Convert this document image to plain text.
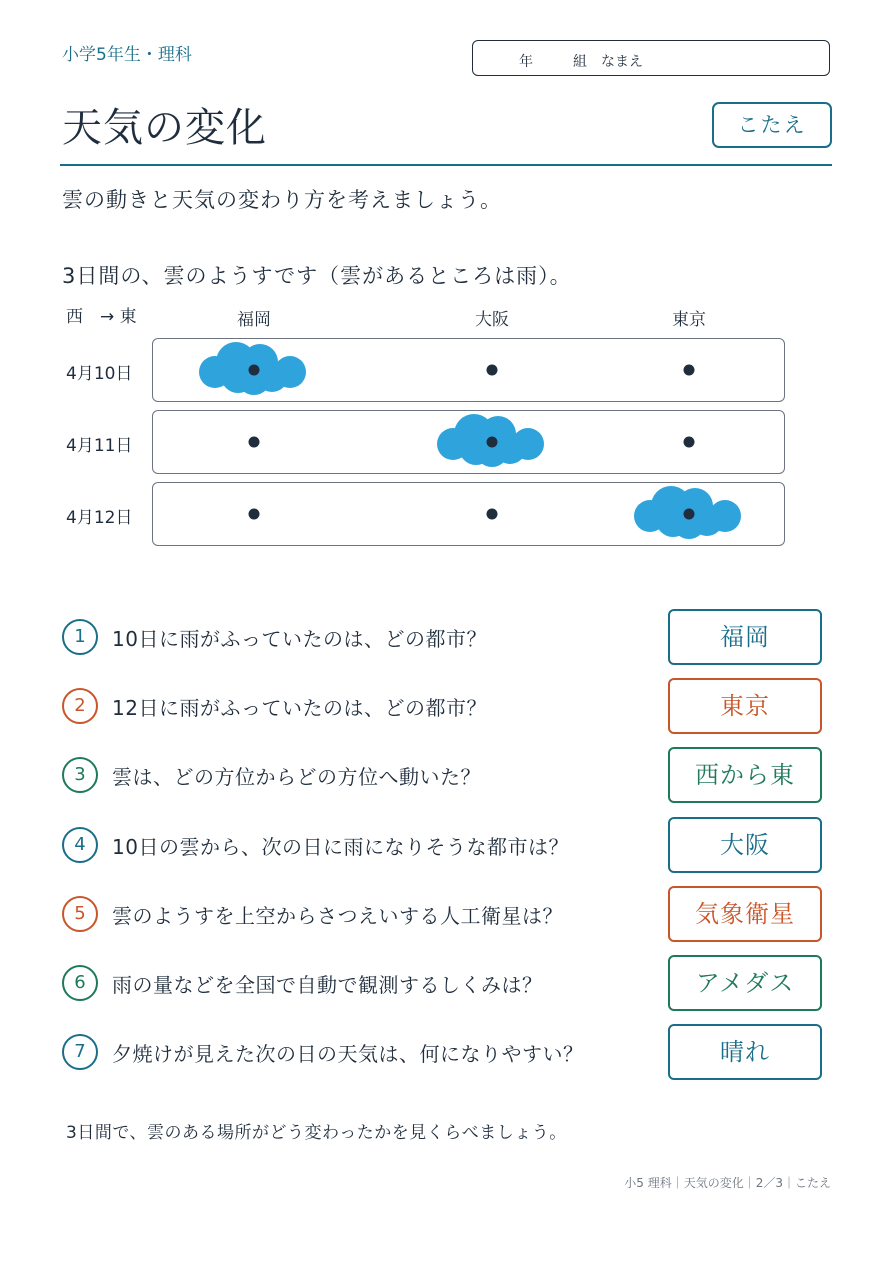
小学5年生・理科	年	組 なまえ
天気の変化	こたえ
雲の動きと天気の変わり方を考えましょう。
3日間の、雲のようすです（雲があるところは雨）。
西　→ 東	福岡	大阪	東京
4月10日
4月11日
4月12日
1	10日に雨がふっていたのは、どの都市？	福岡
2	12日に雨がふっていたのは、どの都市？	東京
3	雲は、どの方位からどの方位へ動いた？	西から東
4	10日の雲から、次の日に雨になりそうな都市は？	大阪
5	雲のようすを上空からさつえいする人工衛星は？	気象衛星
6	雨の量などを全国で自動で観測するしくみは？	アメダス
7	夕焼けが見えた次の日の天気は、何になりやすい？	晴れ
3日間で、雲のある場所がどう変わったかを見くらべましょう。
小5 理科｜天気の変化｜2／3｜こたえ
